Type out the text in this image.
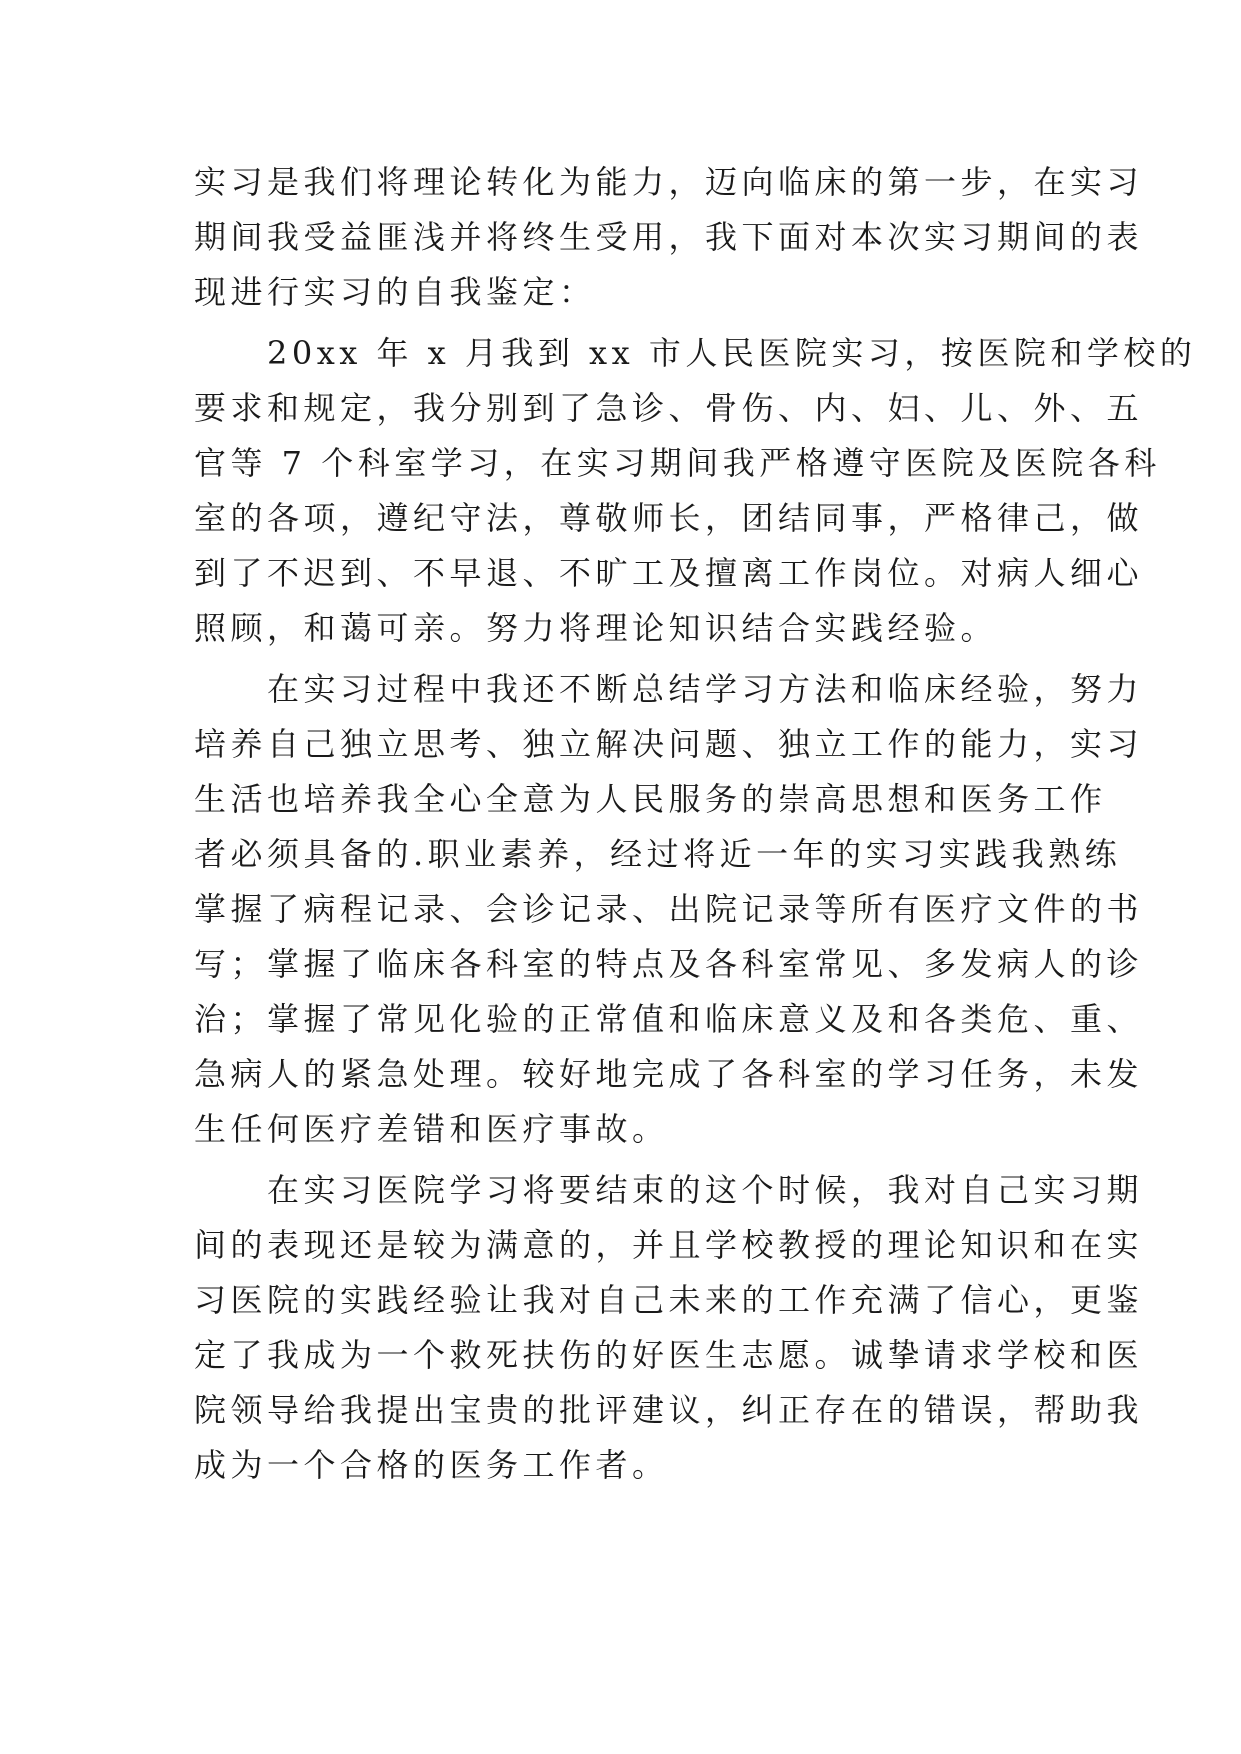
实习是我们将理论转化为能力，迈向临床的第一步，在实习
期间我受益匪浅并将终生受用，我下面对本次实习期间的表
现进行实习的自我鉴定：
　　20xx 年 x 月我到 xx 市人民医院实习，按医院和学校的
要求和规定，我分别到了急诊、骨伤、内、妇、儿、外、五
官等 7 个科室学习，在实习期间我严格遵守医院及医院各科
室的各项，遵纪守法，尊敬师长，团结同事，严格律己，做
到了不迟到、不早退、不旷工及擅离工作岗位。对病人细心
照顾，和蔼可亲。努力将理论知识结合实践经验。
　　在实习过程中我还不断总结学习方法和临床经验，努力
培养自己独立思考、独立解决问题、独立工作的能力，实习
生活也培养我全心全意为人民服务的崇高思想和医务工作
者必须具备的.职业素养，经过将近一年的实习实践我熟练
掌握了病程记录、会诊记录、出院记录等所有医疗文件的书
写；掌握了临床各科室的特点及各科室常见、多发病人的诊
治；掌握了常见化验的正常值和临床意义及和各类危、重、
急病人的紧急处理。较好地完成了各科室的学习任务，未发
生任何医疗差错和医疗事故。
　　在实习医院学习将要结束的这个时候，我对自己实习期
间的表现还是较为满意的，并且学校教授的理论知识和在实
习医院的实践经验让我对自己未来的工作充满了信心，更鉴
定了我成为一个救死扶伤的好医生志愿。诚挚请求学校和医
院领导给我提出宝贵的批评建议，纠正存在的错误，帮助我
成为一个合格的医务工作者。
